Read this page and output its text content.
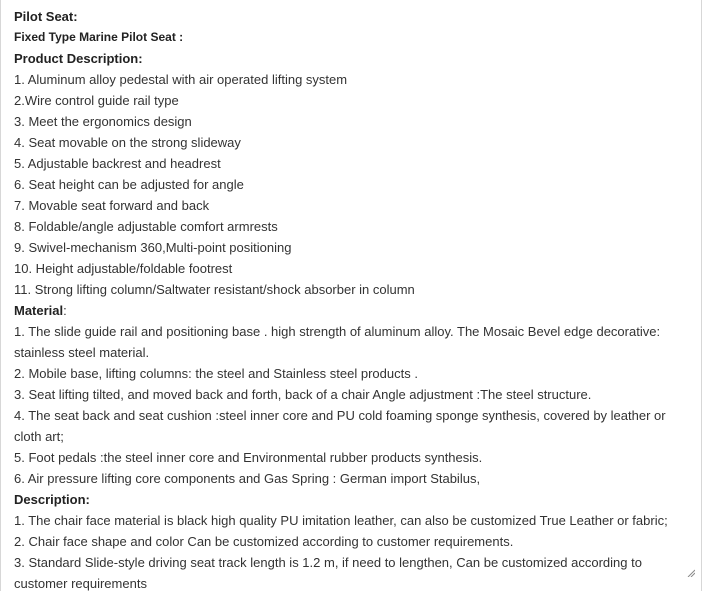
Pilot Seat:
Fixed Type Marine Pilot Seat :
Product Description:
1. Aluminum alloy pedestal with air operated lifting system
2.Wire control guide rail type
3. Meet the ergonomics design
4. Seat movable on the strong slideway
5. Adjustable backrest and headrest
6. Seat height can be adjusted for angle
7. Movable seat forward and back
8. Foldable/angle adjustable comfort armrests
9. Swivel-mechanism 360,Multi-point positioning
10. Height adjustable/foldable footrest
11. Strong lifting column/Saltwater resistant/shock absorber in column
Material:
1. The slide guide rail and positioning base . high strength of aluminum alloy. The Mosaic Bevel edge decorative: stainless steel material.
2. Mobile base, lifting columns: the steel and Stainless steel products .
3. Seat lifting tilted, and moved back and forth, back of a chair Angle adjustment :The steel structure.
4. The seat back and seat cushion :steel inner core and PU cold foaming sponge synthesis, covered by leather or cloth art;
5. Foot pedals :the steel inner core and Environmental rubber products synthesis.
6. Air pressure lifting core components and Gas Spring : German import Stabilus,
Description:
1. The chair face material is black high quality PU imitation leather, can also be customized True Leather or fabric;
2. Chair face shape and color Can be customized according to customer requirements.
3. Standard Slide-style driving seat track length is 1.2 m, if need to lengthen, Can be customized according to customer requirements
